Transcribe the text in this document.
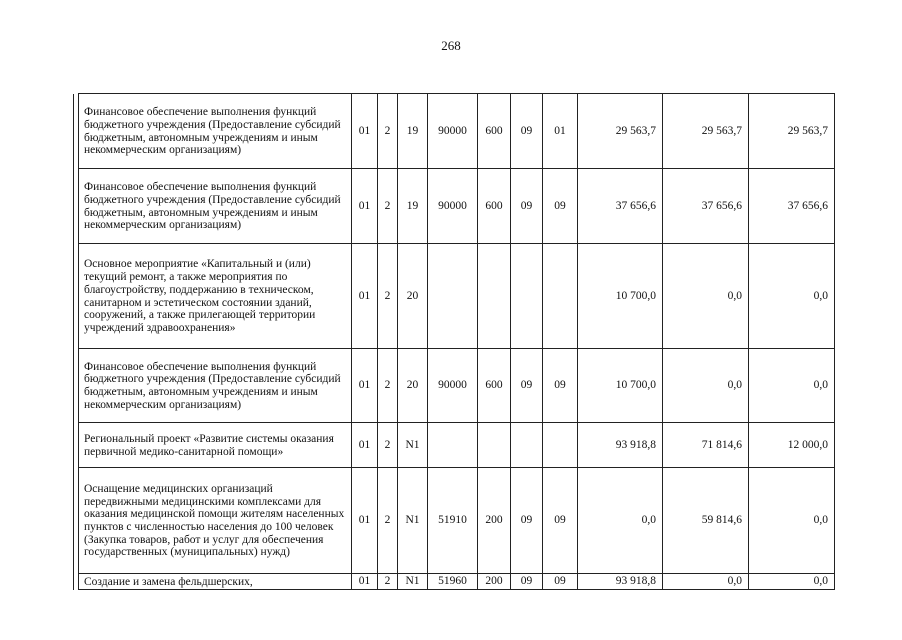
268
	Финансовое обеспечение выполнения функций бюджетного учреждения (Предоставление субсидий бюджетным, автономным учреждениям и иным некоммерческим организациям)	01	2	19	90000	600	09	01	29 563,7	29 563,7	29 563,7
	Финансовое обеспечение выполнения функций бюджетного учреждения (Предоставление субсидий бюджетным, автономным учреждениям и иным некоммерческим организациям)	01	2	19	90000	600	09	09	37 656,6	37 656,6	37 656,6
	Основное мероприятие «Капитальный и (или) текущий ремонт, а также мероприятия по благоустройству, поддержанию в техническом, санитарном и эстетическом состоянии зданий, сооружений, а также прилегающей территории учреждений здравоохранения»	01	2	20					10 700,0	0,0	0,0
	Финансовое обеспечение выполнения функций бюджетного учреждения (Предоставление субсидий бюджетным, автономным учреждениям и иным некоммерческим организациям)	01	2	20	90000	600	09	09	10 700,0	0,0	0,0
	Региональный проект «Развитие системы оказания первичной медико-санитарной помощи»	01	2	N1					93 918,8	71 814,6	12 000,0
	Оснащение медицинских организаций передвижными медицинскими комплексами для оказания медицинской помощи жителям населенных пунктов с численностью населения до 100 человек (Закупка товаров, работ и услуг для обеспечения государственных (муниципальных) нужд)	01	2	N1	51910	200	09	09	0,0	59 814,6	0,0
	Создание и замена фельдшерских,	01	2	N1	51960	200	09	09	93 918,8	0,0	0,0
